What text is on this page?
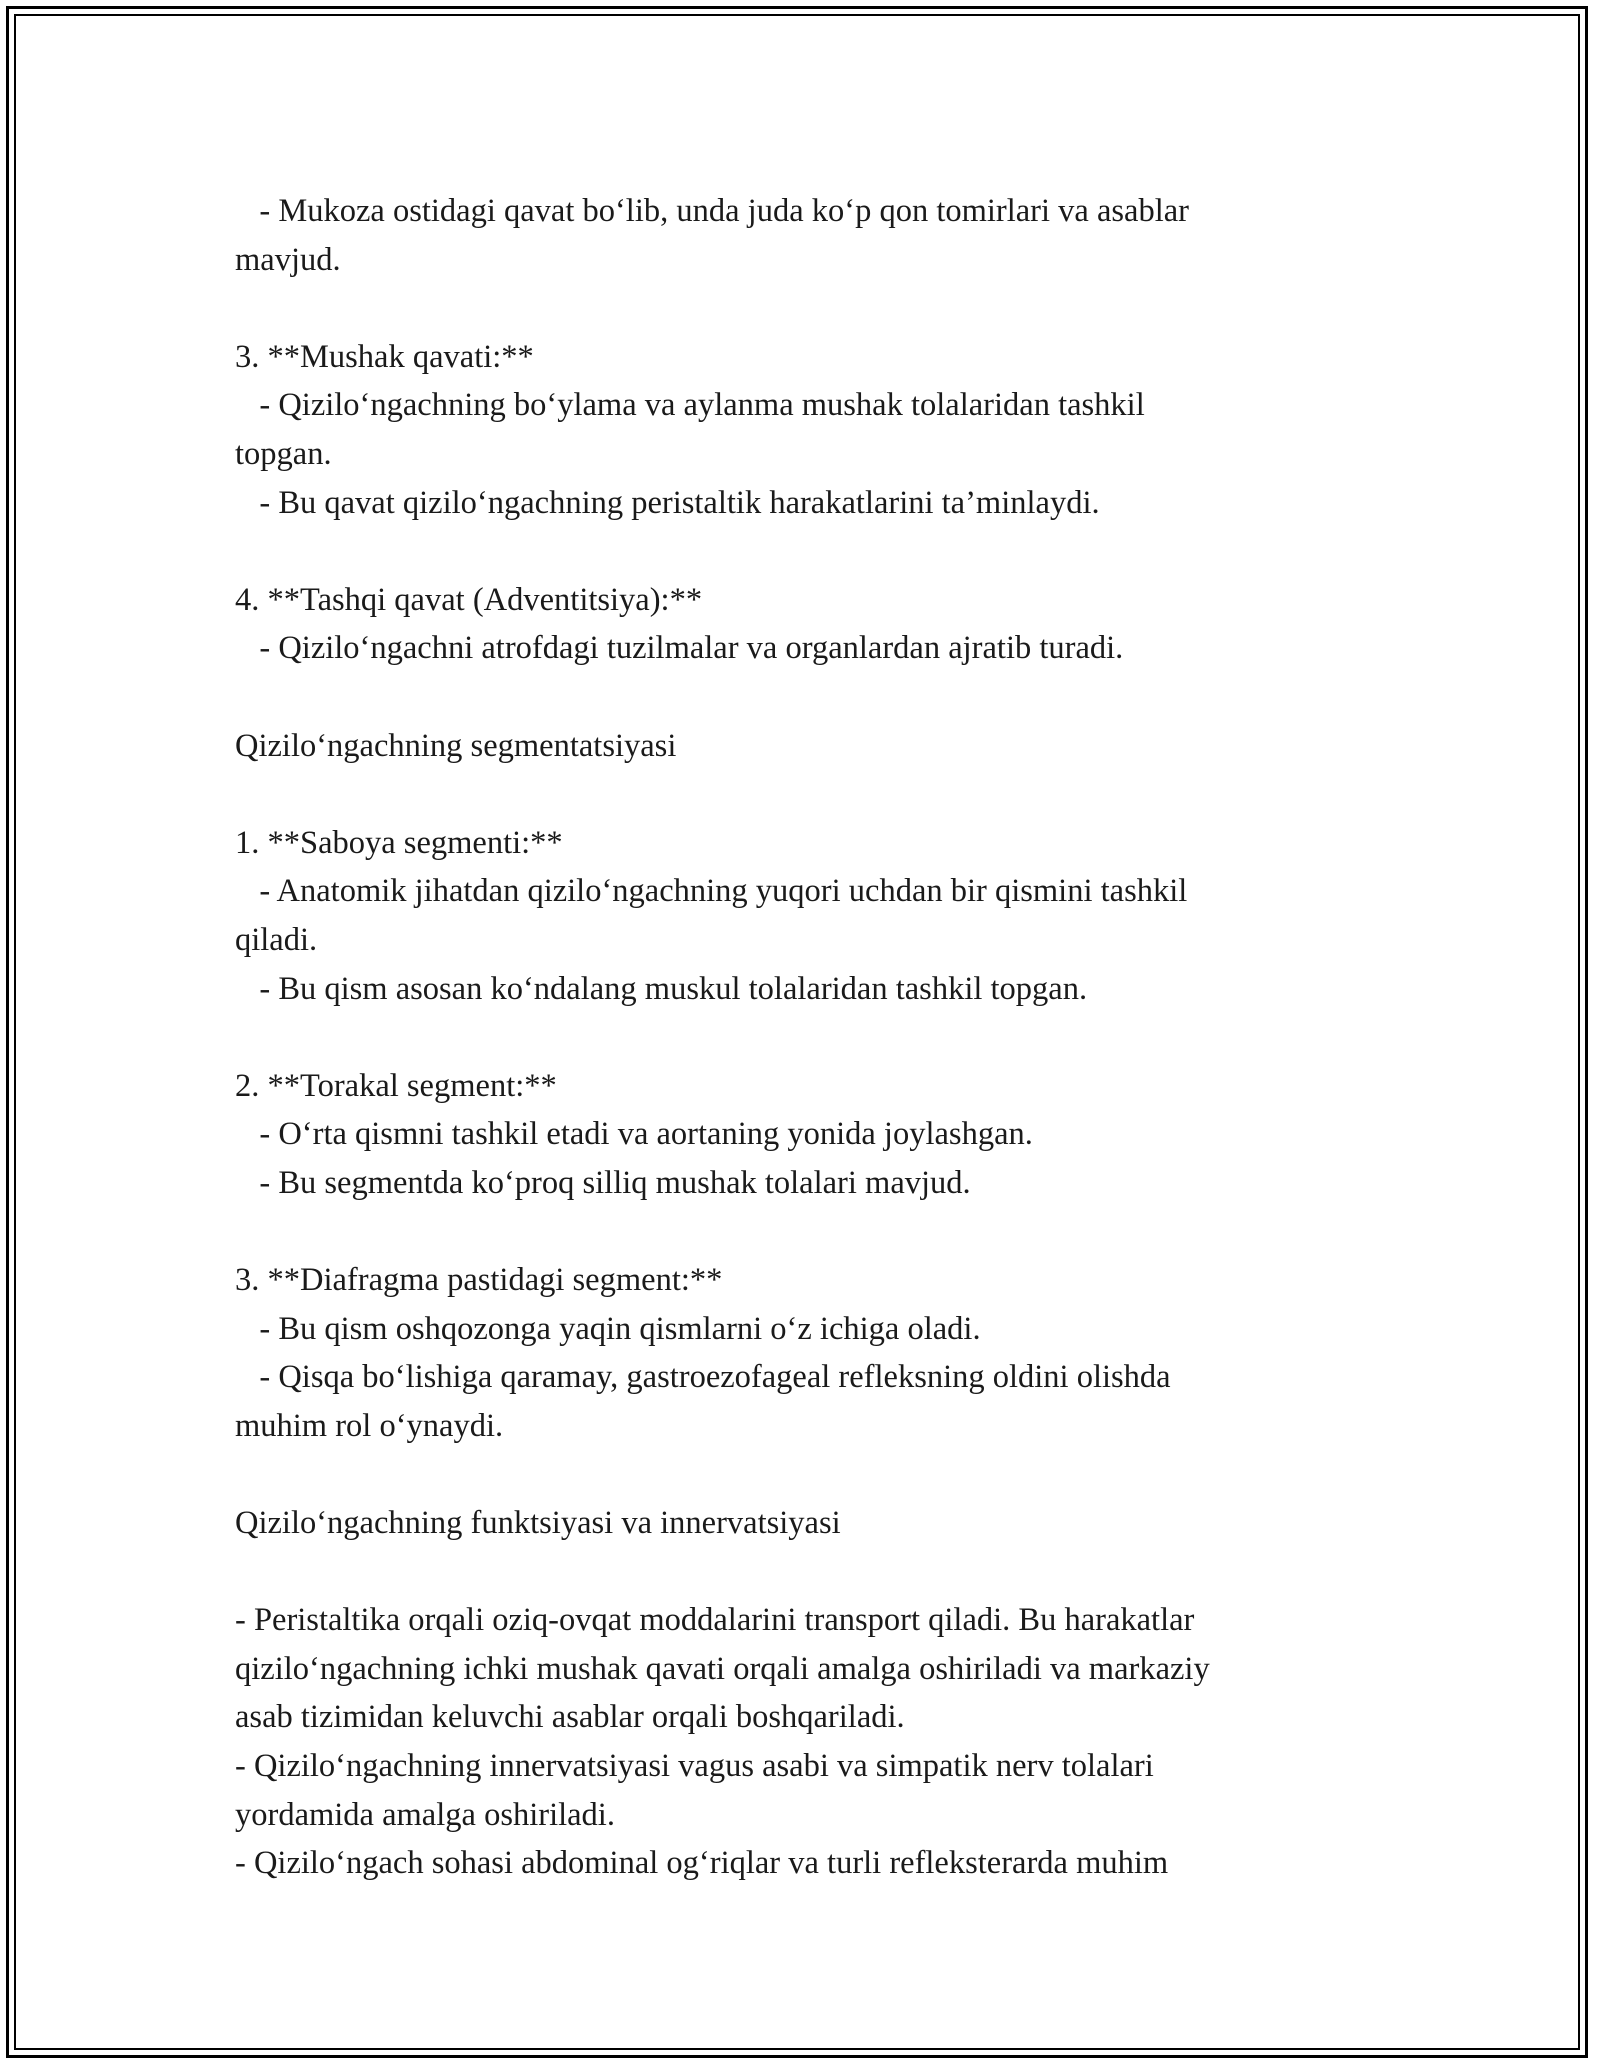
- Mukoza ostidagi qavat boʻlib, unda juda koʻp qon tomirlari va asablar
mavjud.
3. **Mushak qavati:**
- Qiziloʻngachning boʻylama va aylanma mushak tolalaridan tashkil
topgan.
- Bu qavat qiziloʻngachning peristaltik harakatlarini ta’minlaydi.
4. **Tashqi qavat (Adventitsiya):**
- Qiziloʻngachni atrofdagi tuzilmalar va organlardan ajratib turadi.
Qiziloʻngachning segmentatsiyasi
1. **Saboya segmenti:**
- Anatomik jihatdan qiziloʻngachning yuqori uchdan bir qismini tashkil
qiladi.
- Bu qism asosan koʻndalang muskul tolalaridan tashkil topgan.
2. **Torakal segment:**
- Oʻrta qismni tashkil etadi va aortaning yonida joylashgan.
- Bu segmentda koʻproq silliq mushak tolalari mavjud.
3. **Diafragma pastidagi segment:**
- Bu qism oshqozonga yaqin qismlarni oʻz ichiga oladi.
- Qisqa boʻlishiga qaramay, gastroezofageal refleksning oldini olishda
muhim rol oʻynaydi.
Qiziloʻngachning funktsiyasi va innervatsiyasi
- Peristaltika orqali oziq-ovqat moddalarini transport qiladi. Bu harakatlar
qiziloʻngachning ichki mushak qavati orqali amalga oshiriladi va markaziy
asab tizimidan keluvchi asablar orqali boshqariladi.
- Qiziloʻngachning innervatsiyasi vagus asabi va simpatik nerv tolalari
yordamida amalga oshiriladi.
- Qiziloʻngach sohasi abdominal ogʻriqlar va turli refleksterarda muhim
